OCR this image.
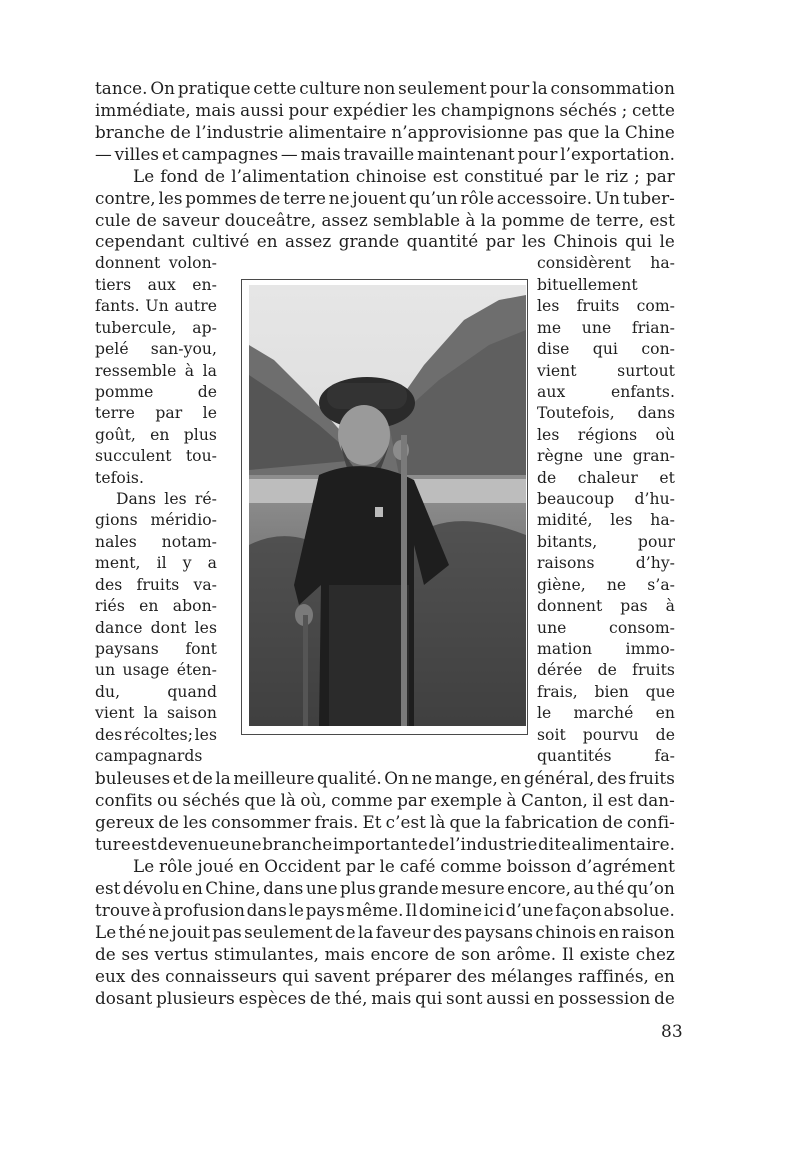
tance. On pratique cette culture non seulement pour la consommation
immédiate, mais aussi pour expédier les champignons séchés ; cette
branche de l’industrie alimentaire n’approvisionne pas que la Chine
— villes et campagnes — mais travaille maintenant pour l’exportation.
Le fond de l’alimentation chinoise est constitué par le riz ; par
contre, les pommes de terre ne jouent qu’un rôle accessoire. Un tuber-
cule de saveur douceâtre, assez semblable à la pomme de terre, est
cependant cultivé en assez grande quantité par les Chinois qui le
donnent volon-
tiers aux en-
fants. Un autre
tubercule, ap-
pelé san-you,
ressemble à la
pomme	de
terre par le
goût, en plus
succulent tou-
tefois.
Dans les ré-
gions méridio-
nales notam-
ment, il y a
des fruits va-
riés en abon-
dance dont les
paysans font
un usage éten-
du,	quand
vient la saison
des récoltes; les
campagnards
considèrent ha-
bituellement
les fruits com-
me une frian-
dise qui con-
vient	surtout
aux	enfants.
Toutefois, dans
les régions où
règne une gran-
de chaleur et
beaucoup d’hu-
midité, les ha-
bitants,	pour
raisons	d’hy-
giène, ne s’a-
donnent pas à
une	consom-
mation immo-
dérée de fruits
frais, bien que
le marché en
soit pourvu de
quantités	fa-
buleuses et de la meilleure qualité. On ne mange, en général, des fruits
confits ou séchés que là où, comme par exemple à Canton, il est dan-
gereux de les consommer frais. Et c’est là que la fabrication de confi-
ture est devenue une branche importante de l’industrie dite alimentaire.
Le rôle joué en Occident par le café comme boisson d’agrément
est dévolu en Chine, dans une plus grande mesure encore, au thé qu’on
trouve à profusion dans le pays même. Il domine ici d’une façon absolue.
Le thé ne jouit pas seulement de la faveur des paysans chinois en raison
de ses vertus stimulantes, mais encore de son arôme. Il existe chez
eux des connaisseurs qui savent préparer des mélanges raffinés, en
dosant plusieurs espèces de thé, mais qui sont aussi en possession de
83
